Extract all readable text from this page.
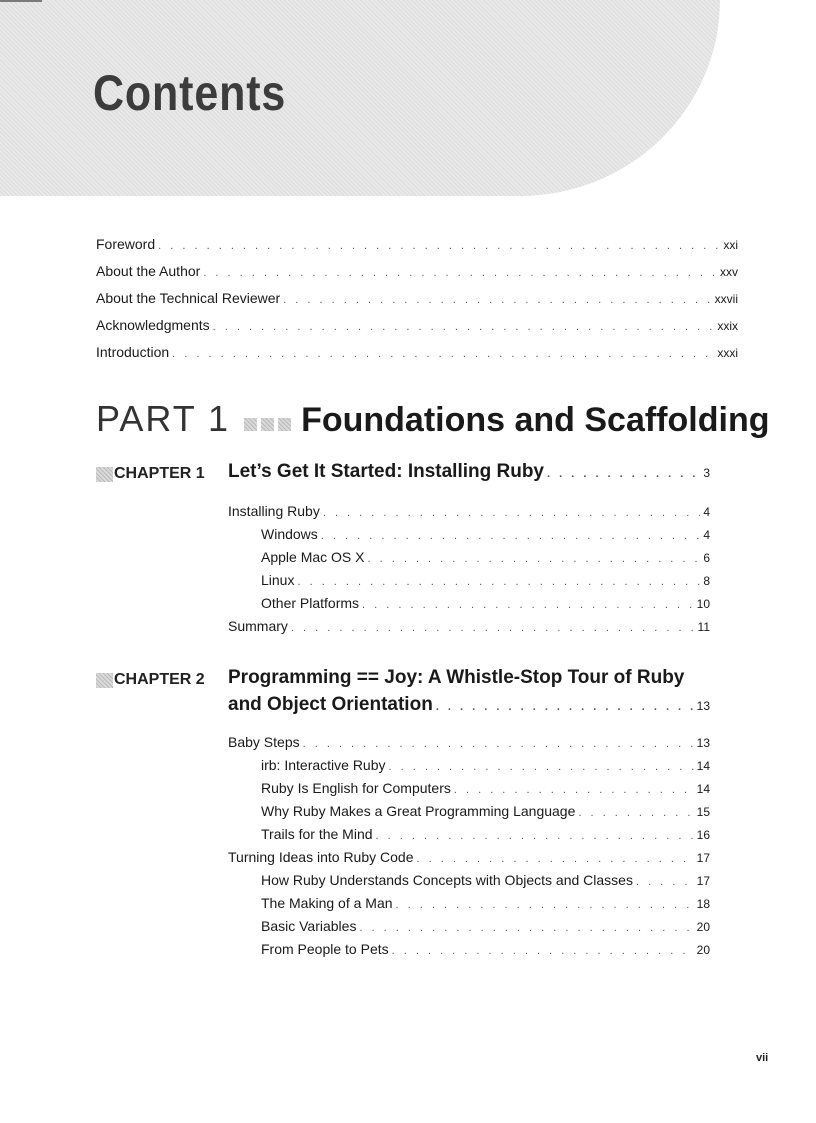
Contents
Foreword . . .	xxi
About the Author . . .	xxv
About the Technical Reviewer . . .	xxvii
Acknowledgments . . .	xxix
Introduction . . .	xxxi
PART 1 Foundations and Scaffolding
CHAPTER 1 Let’s Get It Started: Installing Ruby . . .	3
Installing Ruby . . .	4
Windows . . .	4
Apple Mac OS X . . .	6
Linux . . .	8
Other Platforms . . .	10
Summary . . .	11
CHAPTER 2 Programming == Joy: A Whistle-Stop Tour of Ruby
and Object Orientation . . .	13
Baby Steps . . .	13
irb: Interactive Ruby . . .	14
Ruby Is English for Computers . . .	14
Why Ruby Makes a Great Programming Language . . .	15
Trails for the Mind . . .	16
Turning Ideas into Ruby Code . . .	17
How Ruby Understands Concepts with Objects and Classes . . .	17
The Making of a Man . . .	18
Basic Variables . . .	20
From People to Pets . . .	20
vii
